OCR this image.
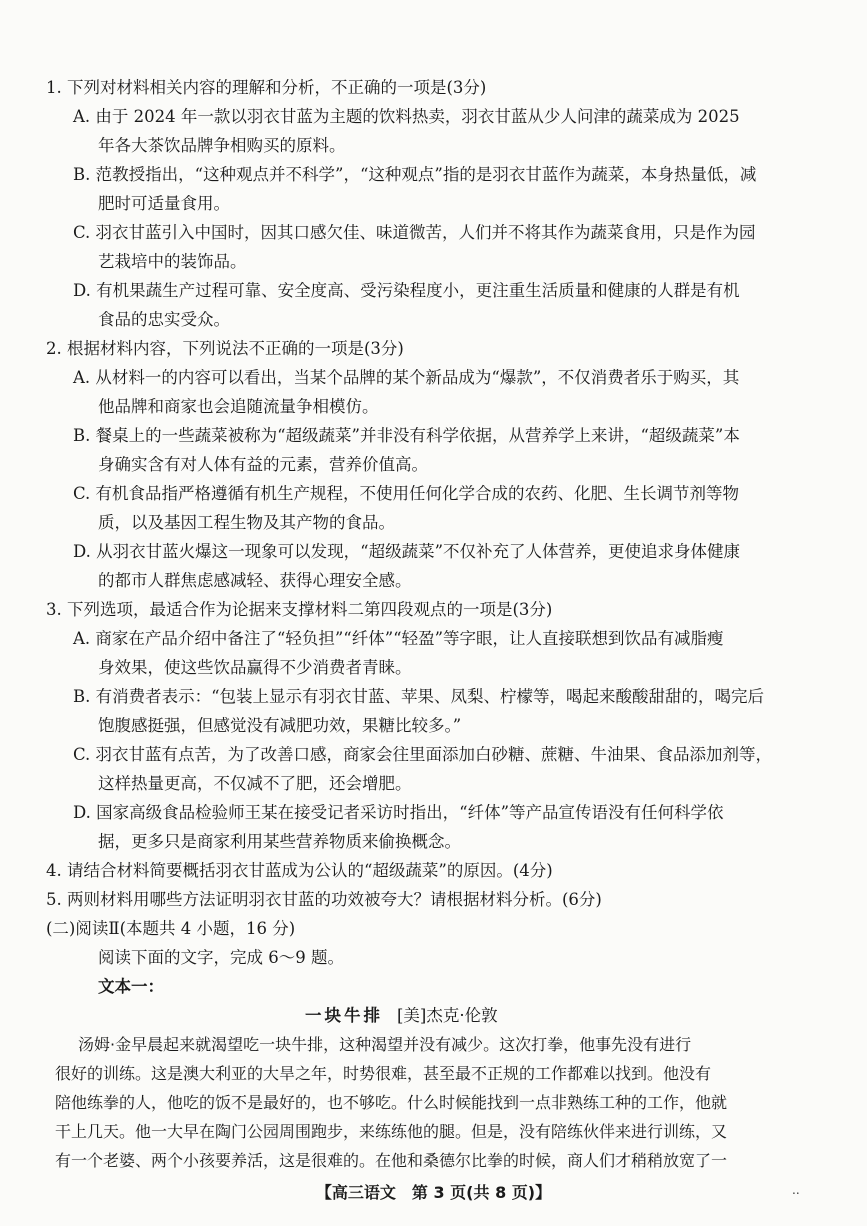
1. 下列对材料相关内容的理解和分析，不正确的一项是(3分)
A. 由于 2024 年一款以羽衣甘蓝为主题的饮料热卖，羽衣甘蓝从少人问津的蔬菜成为 2025
年各大茶饮品牌争相购买的原料。
B. 范教授指出，“这种观点并不科学”，“这种观点”指的是羽衣甘蓝作为蔬菜，本身热量低，减
肥时可适量食用。
C. 羽衣甘蓝引入中国时，因其口感欠佳、味道微苦，人们并不将其作为蔬菜食用，只是作为园
艺栽培中的装饰品。
D. 有机果蔬生产过程可靠、安全度高、受污染程度小，更注重生活质量和健康的人群是有机
食品的忠实受众。
2. 根据材料内容，下列说法不正确的一项是(3分)
A. 从材料一的内容可以看出，当某个品牌的某个新品成为“爆款”，不仅消费者乐于购买，其
他品牌和商家也会追随流量争相模仿。
B. 餐桌上的一些蔬菜被称为“超级蔬菜”并非没有科学依据，从营养学上来讲，“超级蔬菜”本
身确实含有对人体有益的元素，营养价值高。
C. 有机食品指严格遵循有机生产规程，不使用任何化学合成的农药、化肥、生长调节剂等物
质，以及基因工程生物及其产物的食品。
D. 从羽衣甘蓝火爆这一现象可以发现，“超级蔬菜”不仅补充了人体营养，更使追求身体健康
的都市人群焦虑感减轻、获得心理安全感。
3. 下列选项，最适合作为论据来支撑材料二第四段观点的一项是(3分)
A. 商家在产品介绍中备注了“轻负担”“纤体”“轻盈”等字眼，让人直接联想到饮品有减脂瘦
身效果，使这些饮品赢得不少消费者青睐。
B. 有消费者表示：“包装上显示有羽衣甘蓝、苹果、凤梨、柠檬等，喝起来酸酸甜甜的，喝完后
饱腹感挺强，但感觉没有减肥功效，果糖比较多。”
C. 羽衣甘蓝有点苦，为了改善口感，商家会往里面添加白砂糖、蔗糖、牛油果、食品添加剂等，
这样热量更高，不仅减不了肥，还会增肥。
D. 国家高级食品检验师王某在接受记者采访时指出，“纤体”等产品宣传语没有任何科学依
据，更多只是商家利用某些营养物质来偷换概念。
4. 请结合材料简要概括羽衣甘蓝成为公认的“超级蔬菜”的原因。(4分)
5. 两则材料用哪些方法证明羽衣甘蓝的功效被夸大？请根据材料分析。(6分)
(二)阅读Ⅱ(本题共 4 小题，16 分)
阅读下面的文字，完成 6～9 题。
文本一：
一块牛排 [美]杰克·伦敦
汤姆·金早晨起来就渴望吃一块牛排，这种渴望并没有减少。这次打拳，他事先没有进行
很好的训练。这是澳大利亚的大旱之年，时势很难，甚至最不正规的工作都难以找到。他没有
陪他练拳的人，他吃的饭不是最好的，也不够吃。什么时候能找到一点非熟练工种的工作，他就
干上几天。他一大早在陶门公园周围跑步，来练练他的腿。但是，没有陪练伙伴来进行训练，又
有一个老婆、两个小孩要养活，这是很难的。在他和桑德尔比拳的时候，商人们才稍稍放宽了一
【高三语文　第 3 页(共 8 页)】	..
